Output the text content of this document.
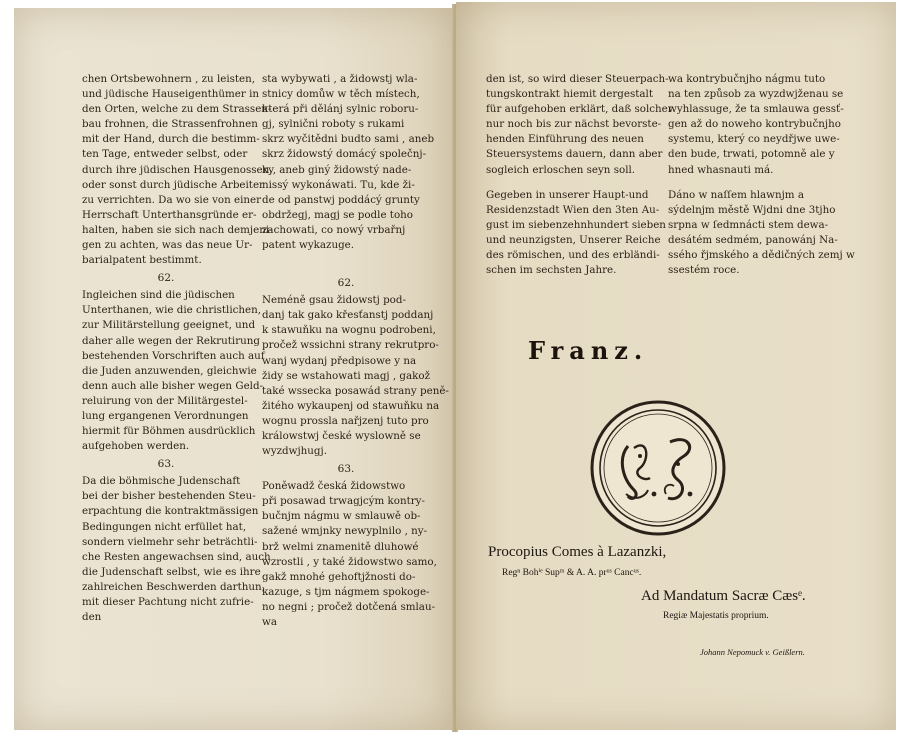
chen Ortsbewohnern , zu leisten,
und jüdische Hauseigenthümer in
den Orten, welche zu dem Strassen-
bau frohnen, die Strassenfrohnen
mit der Hand, durch die bestimm-
ten Tage, entweder selbst, oder
durch ihre jüdischen Hausgenossen,
oder sonst durch jüdische Arbeiter
zu verrichten. Da wo sie von einer
Herrschaft Unterthansgründe er-
halten, haben sie sich nach demjeni-
gen zu achten, was das neue Ur-
barialpatent bestimmt.
62.
Ingleichen sind die jüdischen
Unterthanen, wie die christlichen,
zur Militärstellung geeignet, und
daher alle wegen der Rekrutirung
bestehenden Vorschriften auch auf
die Juden anzuwenden, gleichwie
denn auch alle bisher wegen Geld-
reluirung von der Militärgestel-
lung ergangenen Verordnungen
hiermit für Böhmen ausdrücklich
aufgehoben werden.
63.
Da die böhmische Judenschaft
bei der bisher bestehenden Steu-
erpachtung die kontraktmässigen
Bedingungen nicht erfüllet hat,
sondern vielmehr sehr beträchtli-
che Resten angewachsen sind, auch
die Judenschaft selbst, wie es ihre
zahlreichen Beschwerden darthun,
mit dieser Pachtung nicht zufrie-
den
sta wybywati , a židowstj wla-
stnicy domůw w těch místech,
která při dělánj sylnic roboru-
gj, sylnični roboty s rukami
skrz wyčitědni budto sami , aneb
skrz židowstý domácý společnj-
ky, aneb giný židowstý nade-
nissý wykonáwati. Tu, kde ži-
de od panstwj poddácý grunty
obdržegj, magj se podle toho
zachowati, co nowý vrbařnj
patent wykazuge.
62.
Neméně gsau židowstj pod-
danj tak gako křesťanstj poddanj
k stawuňku na wognu podrobeni,
pročež wssichni strany rekrutpro-
wanj wydanj předpisowe y na
židy se wstahowati magj , gakož
také wssecka posawád strany peně-
žitého wykaupenj od stawuňku na
wognu prossla nařjzenj tuto pro
králowstwj české wyslowně se
wyzdwjhugj.
63.
Poněwadž česká židowstwo
při posawad trwagjcým kontry-
bučnjm nágmu w smlauwě ob-
sažené wmjnky newyplnilo , ny-
brž welmi znamenitě dluhowé
wzrostli , y také židowstwo samo,
gakž mnohé gehoftjžnosti do-
kazuge, s tjm nágmem spokoge-
no negni ; pročež dotčená smlau-
wa
den ist, so wird dieser Steuerpach-
tungskontrakt hiemit dergestalt
für aufgehoben erklärt, daß solcher
nur noch bis zur nächst bevorste-
henden Einführung des neuen
Steuersystems dauern, dann aber
sogleich erloschen seyn soll.
Gegeben in unserer Haupt-und
Residenzstadt Wien den 3ten Au-
gust im siebenzehnhundert sieben
und neunzigsten, Unserer Reiche
des römischen, und des erbländi-
schen im sechsten Jahre.
wa kontrybučnjho nágmu tuto
na ten způsob za wyzdwjženau se
wyhlassuge, že ta smlauwa gessť-
gen až do noweho kontrybučnjho
systemu, který co neydřjwe uwe-
den bude, trwati, potomně ale y
hned whasnauti má.
Dáno w naſſem hlawnjm a
sýdelnjm městě Wjdni dne 3tjho
srpna w ſedmnácti stem dewa-
desátém sedmém, panowánj Na-
ssého řjmského a dědičných zemj w
ssestém roce.
Franz.
Procopius Comes à Lazanzki,
Regⁿ Bohⁱᵉ Supᵐ & A. A. prᵘˢ Cancᵘˢ.
Ad Mandatum Sacræ Cæsᵉ.
Regiæ Majestatis proprium.
Johann Nepomuck v. Geißlern.
